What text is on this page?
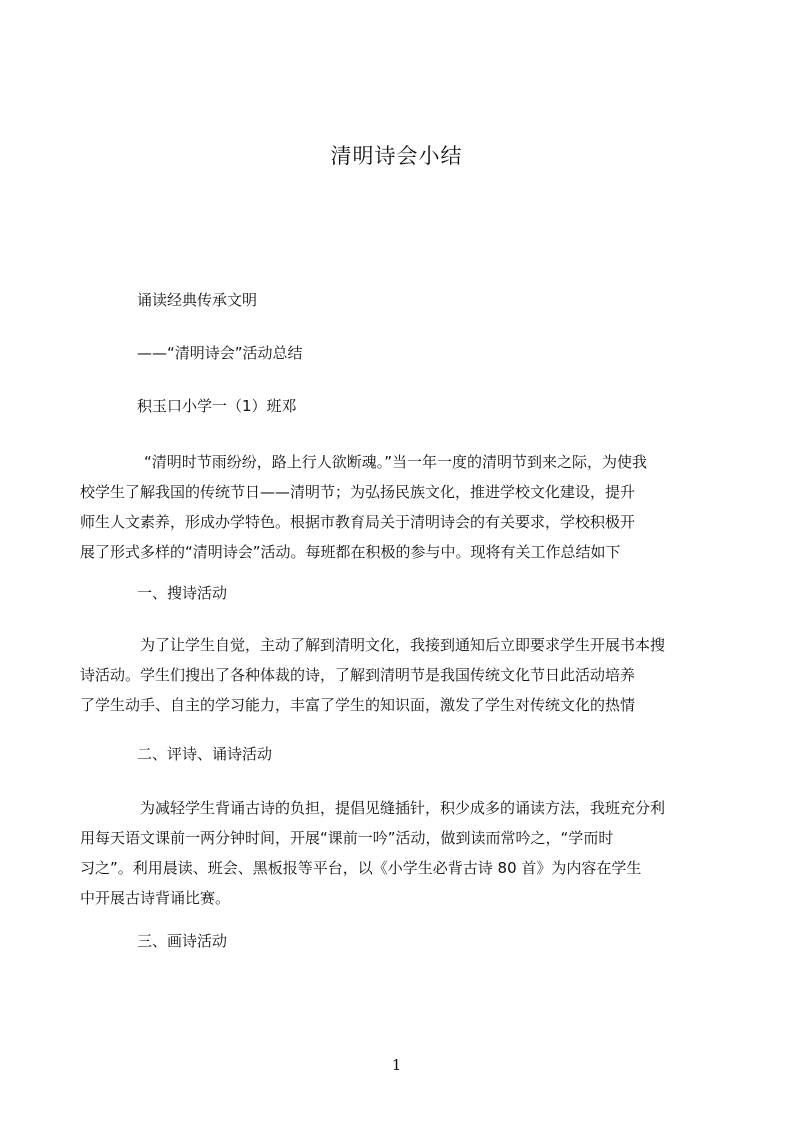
清明诗会小结
诵读经典传承文明
——“清明诗会”活动总结
积玉口小学一（1）班邓
“清明时节雨纷纷，路上行人欲断魂。”当一年一度的清明节到来之际，为使我
校学生了解我国的传统节日——清明节；为弘扬民族文化，推进学校文化建设，提升
师生人文素养，形成办学特色。根据市教育局关于清明诗会的有关要求，学校积极开
展了形式多样的“清明诗会”活动。每班都在积极的参与中。现将有关工作总结如下
一、搜诗活动
为了让学生自觉，主动了解到清明文化，我接到通知后立即要求学生开展书本搜
诗活动。学生们搜出了各种体裁的诗，了解到清明节是我国传统文化节日此活动培养
了学生动手、自主的学习能力，丰富了学生的知识面，激发了学生对传统文化的热情
二、评诗、诵诗活动
为减轻学生背诵古诗的负担，提倡见缝插针，积少成多的诵读方法，我班充分利
用每天语文课前一两分钟时间，开展“课前一吟”活动，做到读而常吟之，“学而时
习之”。利用晨读、班会、黑板报等平台，以《小学生必背古诗 80 首》为内容在学生
中开展古诗背诵比赛。
三、画诗活动
1
